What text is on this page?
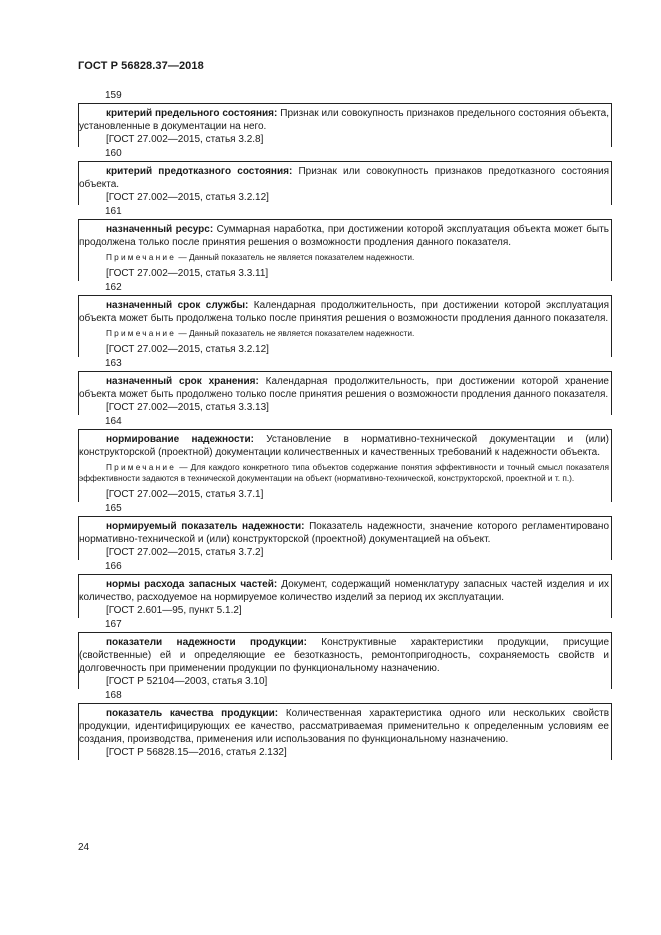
ГОСТ Р 56828.37—2018
159

критерий предельного состояния: Признак или совокупность признаков предельного состояния объекта, установленные в документации на него.

[ГОСТ 27.002—2015, статья 3.2.8]
160

критерий предотказного состояния: Признак или совокупность признаков предотказного состояния объекта.

[ГОСТ 27.002—2015, статья 3.2.12]
161

назначенный ресурс: Суммарная наработка, при достижении которой эксплуатация объекта может быть продолжена только после принятия решения о возможности продления данного показателя.

Примечание — Данный показатель не является показателем надежности.

[ГОСТ 27.002—2015, статья 3.3.11]
162

назначенный срок службы: Календарная продолжительность, при достижении которой эксплуатация объекта может быть продолжена только после принятия решения о возможности продления данного показателя.

Примечание — Данный показатель не является показателем надежности.

[ГОСТ 27.002—2015, статья 3.2.12]
163

назначенный срок хранения: Календарная продолжительность, при достижении которой хранение объекта может быть продолжено только после принятия решения о возможности продления данного показателя.

[ГОСТ 27.002—2015, статья 3.3.13]
164

нормирование надежности: Установление в нормативно-технической документации и (или) конструкторской (проектной) документации количественных и качественных требований к надежности объекта.

Примечание — Для каждого конкретного типа объектов содержание понятия эффективности и точный смысл показателя эффективности задаются в технической документации на объект (нормативно-технической, конструкторской, проектной и т. п.).

[ГОСТ 27.002—2015, статья 3.7.1]
165

нормируемый показатель надежности: Показатель надежности, значение которого регламентировано нормативно-технической и (или) конструкторской (проектной) документацией на объект.

[ГОСТ 27.002—2015, статья 3.7.2]
166

нормы расхода запасных частей: Документ, содержащий номенклатуру запасных частей изделия и их количество, расходуемое на нормируемое количество изделий за период их эксплуатации.

[ГОСТ 2.601—95, пункт 5.1.2]
167

показатели надежности продукции: Конструктивные характеристики продукции, присущие (свойственные) ей и определяющие ее безотказность, ремонтопригодность, сохраняемость свойств и долговечность при применении продукции по функциональному назначению.

[ГОСТ Р 52104—2003, статья 3.10]
168

показатель качества продукции: Количественная характеристика одного или нескольких свойств продукции, идентифицирующих ее качество, рассматриваемая применительно к определенным условиям ее создания, производства, применения или использования по функциональному назначению.

[ГОСТ Р 56828.15—2016, статья 2.132]
24
